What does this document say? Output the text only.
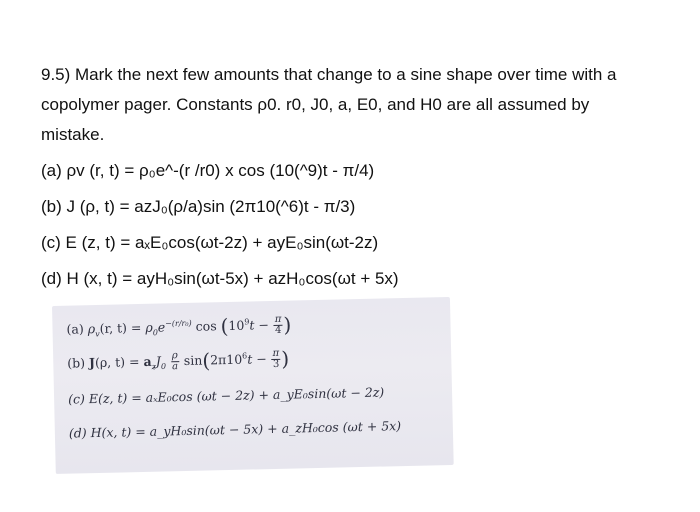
9.5) Mark the next few amounts that change to a sine shape over time with a
copolymer pager. Constants ρ0. r0, J0, a, E0, and H0 are all assumed by
mistake.

(a) ρv (r, t) = ρ₀e^-(r /r0) x cos (10(^9)t - π/4)
(b) J (ρ, t) = azJ₀(ρ/a)sin (2π10(^6)t - π/3)
(c) E (z, t) = aₓE₀cos(ωt-2z) + ayE₀sin(ωt-2z)
(d) H (x, t) = ayH₀sin(ωt-5x) + azH₀cos(ωt + 5x)
(a) $\rho_v(r$, $t) = \rho_0e^{-(r/r_0)}$ $\cos (10^9t - \frac{\pi}{4}$ )
(b) J(ρ, $t) = a_zJ_0 \frac{\rho}{a} \sin(2\pi 10^6t - \frac{\pi}{3}$ )
(c) E(z, t) = aₓE₀cos (ωt − 2z) + a_yE₀sin(ωt − 2z)
(d) H(x, t) = a_yH₀sin(ωt − 5x) + a_zH₀cos (ωt + 5x)
